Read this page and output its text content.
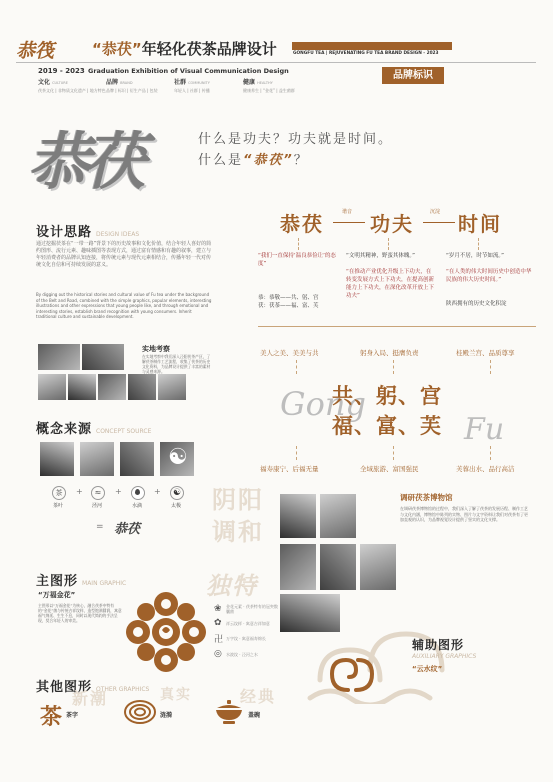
恭筏	“恭茯”年轻化茯茶品牌设计	GONGFU TEA | REJUVENATING FU TEA BRAND DESIGN - 2023
2019 - 2023 Graduation Exhibition of Visual Communication Design
文化 CULTURE	品牌 BRAND	社群 COMMUNITY	健康 HEALTHY
茯茶文化 | 非物质文化遗产 | 地方特色 品牌 | 标识 | 衍生产品 | 包装	年轻人 | 社群 | 传播	健康养生 | “金花” | 益生菌群
品牌标识
恭茯	什么是功夫？功夫就是时间。
什么是“恭茯”？
设计思路 DESIGN IDEAS
通过挖掘茯茶在“一带一路”背景下的历史故事和文化价值，结合年轻人喜好的简约图形、流行元素、趣味插图等表现方式，通过富有情感和有趣的叙事，建立与年轻消费者的品牌认知连接，将传统元素与现代元素相结合，传播年轻一代对传统文化自信和可持续发展的意义。
By digging out the historical stories and cultural value of Fu tea under the background of the Belt and Road, combined with the simple graphics, popular elements, interesting illustrations and other expressions that young people like, and through emotional and interesting stories, establish brand recognition with young consumers. Inherit traditional culture and sustainable development.
实地考察
在实地考察中我们深入泾阳茯茶产区，了解茯茶制作工艺流程，收集了茯茶的历史文化资料，为品牌设计提供了丰富的素材与灵感来源。
恭茯	谐音 功夫	沉淀 时间
“我们一直保持‘温良恭俭让’的态度”
恭：恭敬——共、躬、宫
茯：茯茶——福、富、芙
“文明其精神，野蛮其体魄。”
“在推动产业优化升级上下功夫，在转变发展方式上下功夫，在提高创新能力上下功夫，在深化改革开放上下功夫”
“岁月不居，时节如流。”
“在人类的伟大时间历史中创造中华民族的伟大历史时间。”
陕西拥有的历史文化积淀
美人之美、美美与共	躬身入局、挺膺负责	桂殿兰宫、品质尊享
Gong
Fu
共、躬、宫
福、富、芙
福寿康宁、后福无量	全域旅游、富国强民	芙蓉出水、品行高洁
概念来源 CONCEPT SOURCE
☯
茶	+	≈	+	+	☯
茶叶	泾河	水滴	太极
= 恭茯
阴阳
调和
调研茯茶博物馆
在调研茯茶博物馆的过程中，我们深入了解了茯茶的发展历程、制作工艺与文化内涵，博物馆中陈列的实物、图片与文字资料让我们对茯茶有了更加直观的认识，为品牌视觉设计提供了坚实的文化支撑。
独特
主图形 MAIN GRAPHIC
“万福金花”
主图形以“万福金花”为核心，融合茯茶中特有的“金花”菌与传统吉祥纹样，造型饱满圆润，寓意福气绵延、生生不息，同时以现代简约的手法呈现，契合年轻人的审美。
❀	金花元素 · 茯茶特有的冠突散囊菌
✿	祥云纹样 · 寓意吉祥如意
卍 万字纹 · 寓意福寿绵长
◎	水波纹 · 泾河之水
辅助图形
AUXILIARY GRAPHICS
“云水纹”
其他图形 OTHER GRAPHICS
新潮	真实	经典
茶 茶字	涟漪	盖碗
